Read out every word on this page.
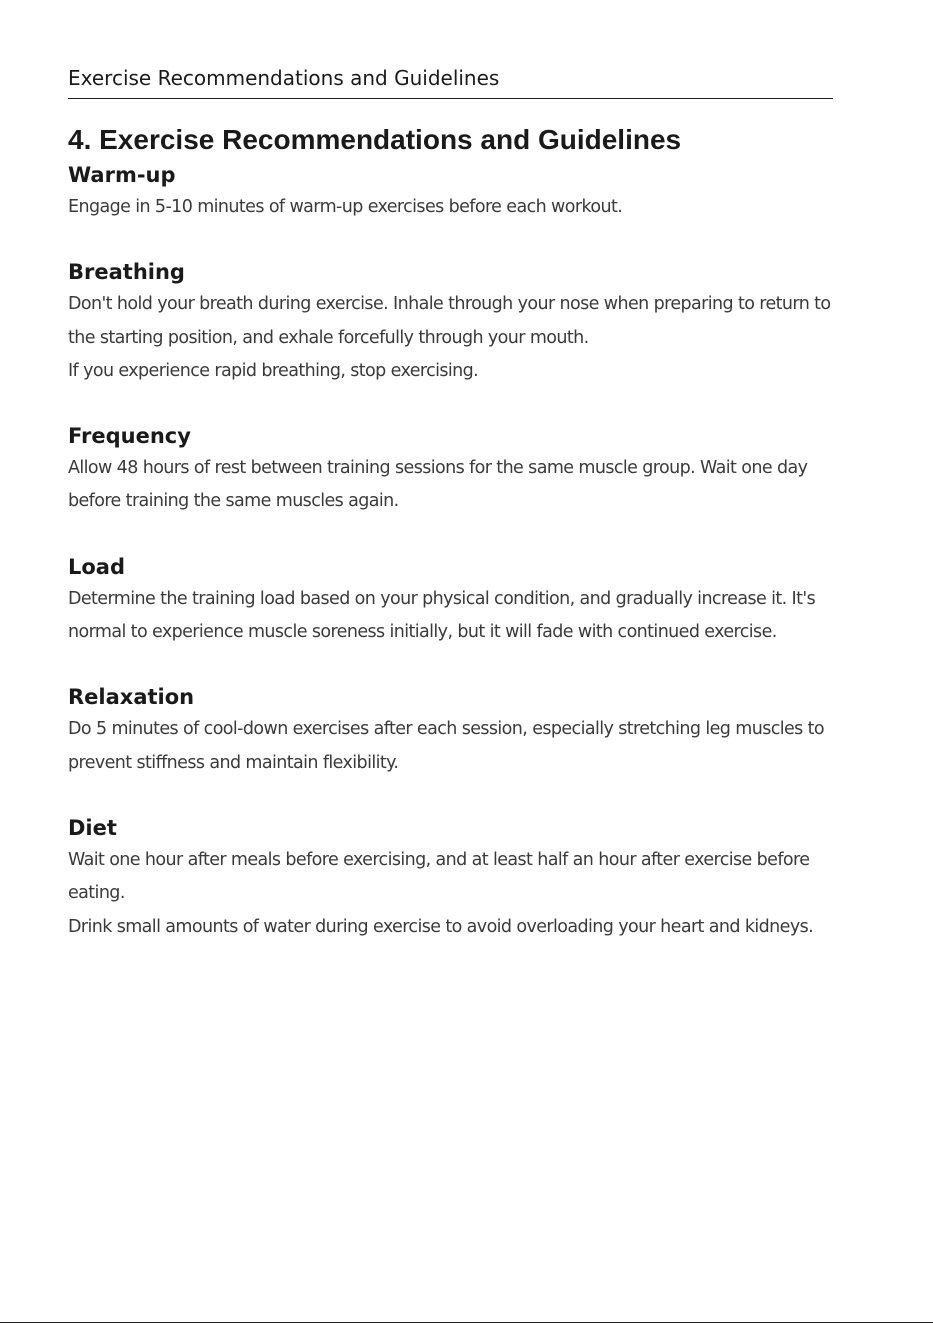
Exercise Recommendations and Guidelines
4. Exercise Recommendations and Guidelines
Warm-up

Engage in 5-10 minutes of warm-up exercises before each workout.

Breathing

Don't hold your breath during exercise. Inhale through your nose when preparing to return to the starting position, and exhale forcefully through your mouth.

If you experience rapid breathing, stop exercising.

Frequency

Allow 48 hours of rest between training sessions for the same muscle group. Wait one day before training the same muscles again.

Load

Determine the training load based on your physical condition, and gradually increase it. It's normal to experience muscle soreness initially, but it will fade with continued exercise.

Relaxation

Do 5 minutes of cool-down exercises after each session, especially stretching leg muscles to prevent stiffness and maintain flexibility.

Diet

Wait one hour after meals before exercising, and at least half an hour after exercise before eating.

Drink small amounts of water during exercise to avoid overloading your heart and kidneys.
